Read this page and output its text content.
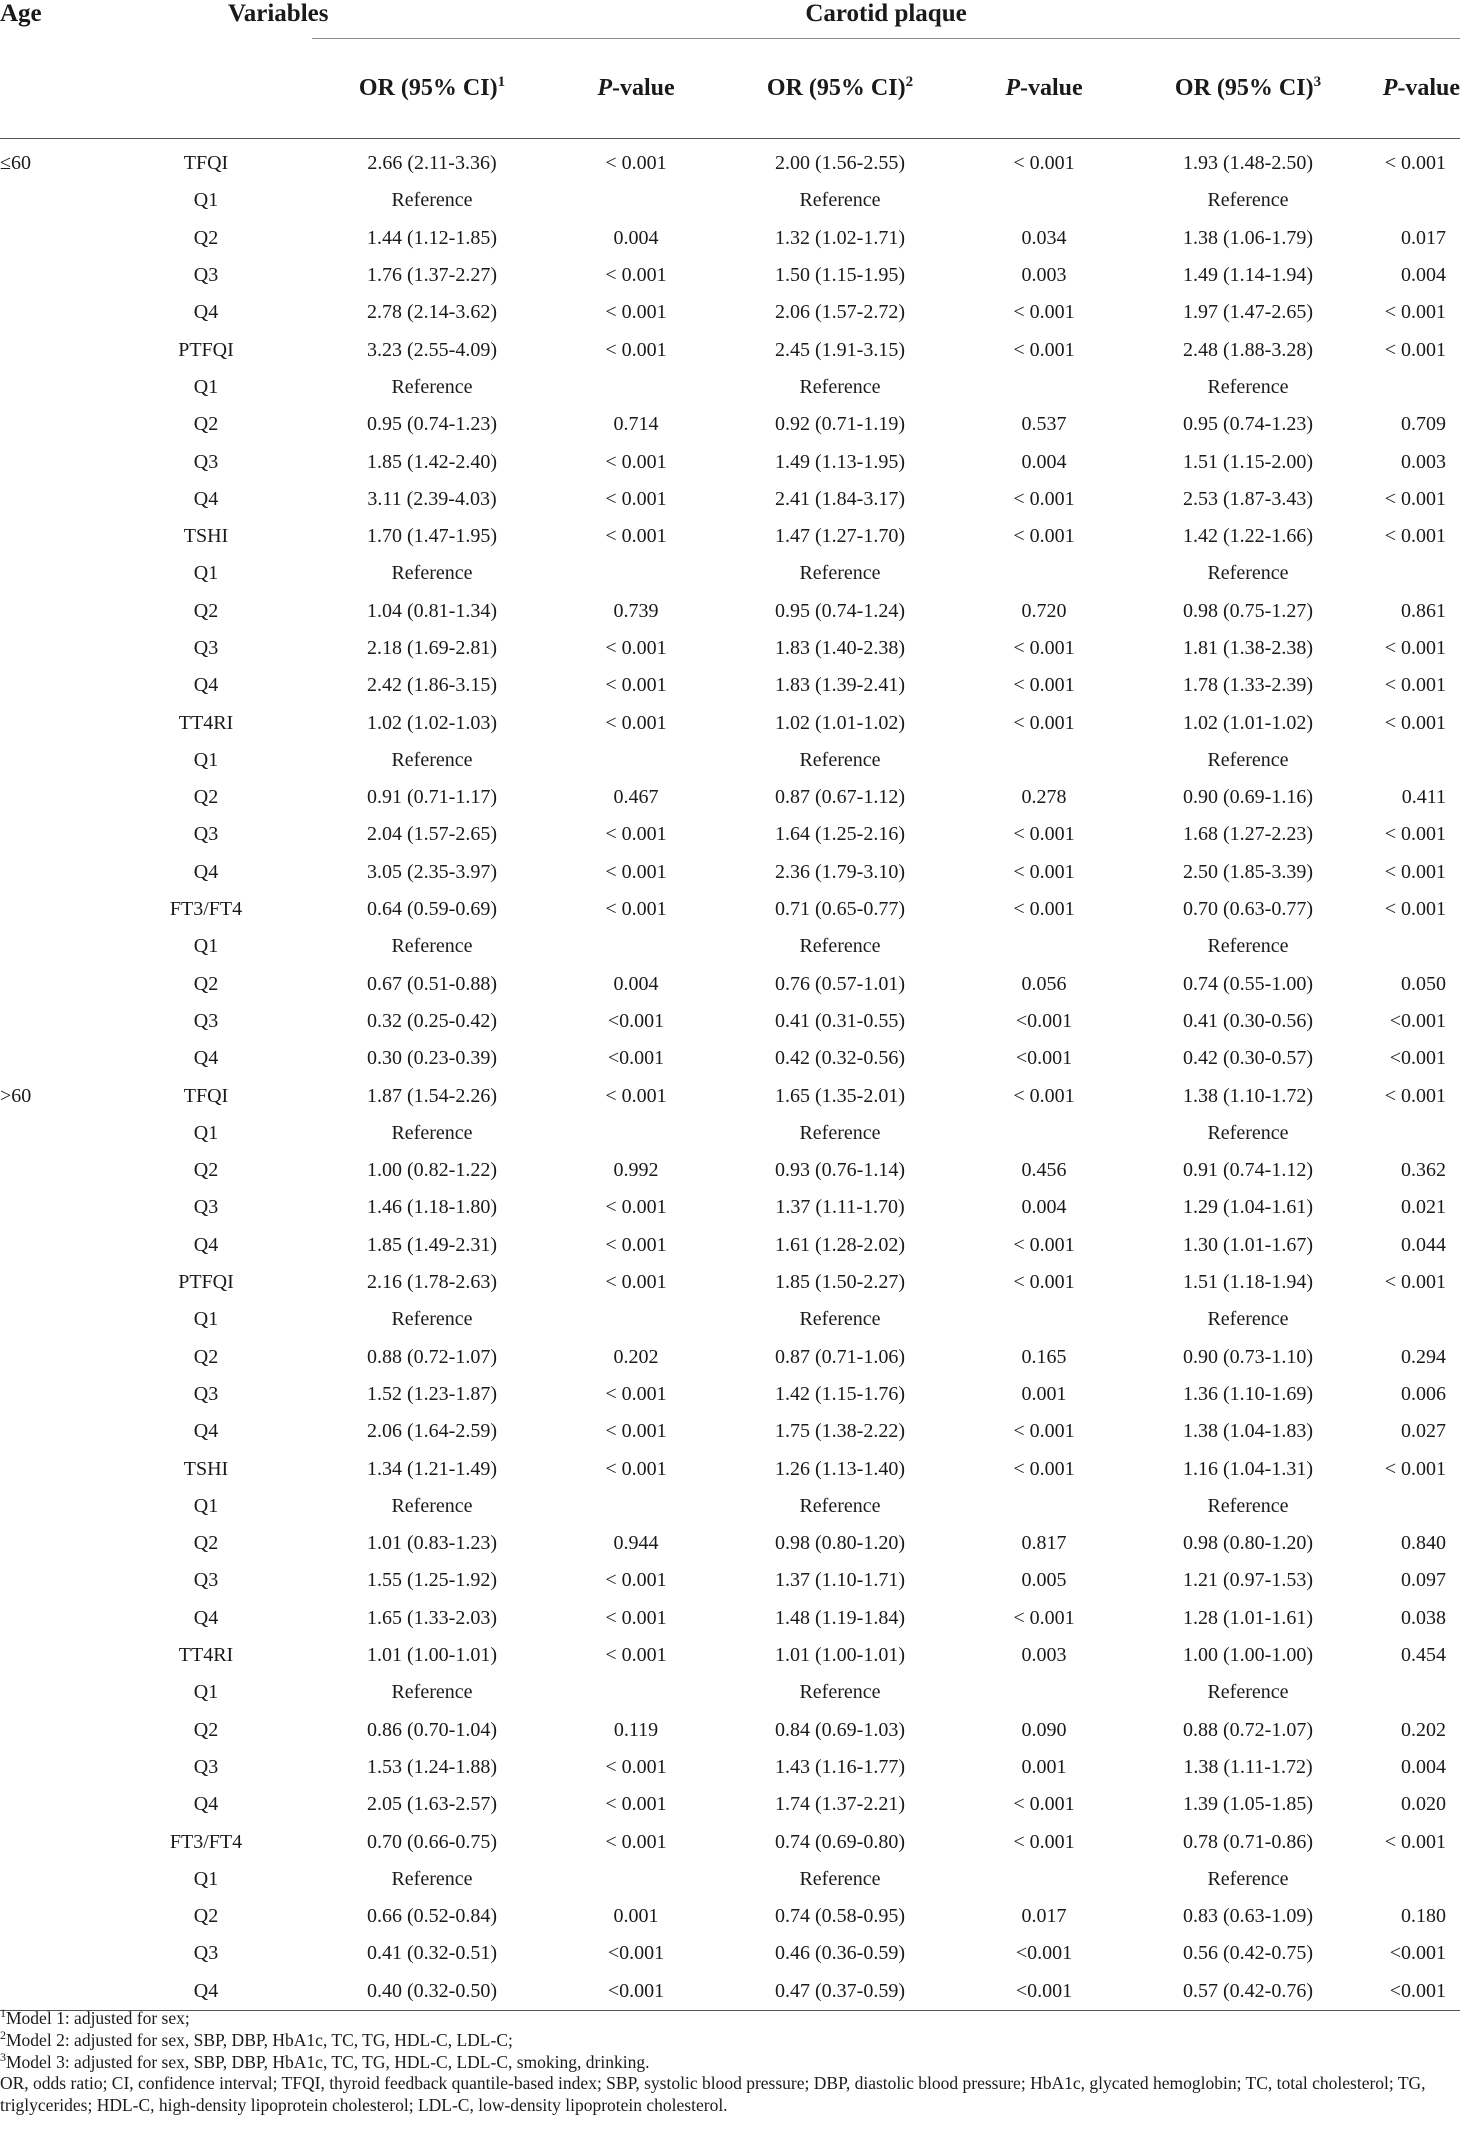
Age	Variables	Carotid plaque					
		OR (95% CI)$^1$	P-value	OR (95% CI)$^2$	P-value	OR (95% CI)$^3$	P-value
≤60	TFQI	2.66 (2.11-3.36)	< 0.001	2.00 (1.56-2.55)	< 0.001	1.93 (1.48-2.50)	< 0.001
	Q1	Reference		Reference		Reference	
	Q2	1.44 (1.12-1.85)	0.004	1.32 (1.02-1.71)	0.034	1.38 (1.06-1.79)	0.017
	Q3	1.76 (1.37-2.27)	< 0.001	1.50 (1.15-1.95)	0.003	1.49 (1.14-1.94)	0.004
	Q4	2.78 (2.14-3.62)	< 0.001	2.06 (1.57-2.72)	< 0.001	1.97 (1.47-2.65)	< 0.001
	PTFQI	3.23 (2.55-4.09)	< 0.001	2.45 (1.91-3.15)	< 0.001	2.48 (1.88-3.28)	< 0.001
	Q1	Reference		Reference		Reference	
	Q2	0.95 (0.74-1.23)	0.714	0.92 (0.71-1.19)	0.537	0.95 (0.74-1.23)	0.709
	Q3	1.85 (1.42-2.40)	< 0.001	1.49 (1.13-1.95)	0.004	1.51 (1.15-2.00)	0.003
	Q4	3.11 (2.39-4.03)	< 0.001	2.41 (1.84-3.17)	< 0.001	2.53 (1.87-3.43)	< 0.001
	TSHI	1.70 (1.47-1.95)	< 0.001	1.47 (1.27-1.70)	< 0.001	1.42 (1.22-1.66)	< 0.001
	Q1	Reference		Reference		Reference	
	Q2	1.04 (0.81-1.34)	0.739	0.95 (0.74-1.24)	0.720	0.98 (0.75-1.27)	0.861
	Q3	2.18 (1.69-2.81)	< 0.001	1.83 (1.40-2.38)	< 0.001	1.81 (1.38-2.38)	< 0.001
	Q4	2.42 (1.86-3.15)	< 0.001	1.83 (1.39-2.41)	< 0.001	1.78 (1.33-2.39)	< 0.001
	TT4RI	1.02 (1.02-1.03)	< 0.001	1.02 (1.01-1.02)	< 0.001	1.02 (1.01-1.02)	< 0.001
	Q1	Reference		Reference		Reference	
	Q2	0.91 (0.71-1.17)	0.467	0.87 (0.67-1.12)	0.278	0.90 (0.69-1.16)	0.411
	Q3	2.04 (1.57-2.65)	< 0.001	1.64 (1.25-2.16)	< 0.001	1.68 (1.27-2.23)	< 0.001
	Q4	3.05 (2.35-3.97)	< 0.001	2.36 (1.79-3.10)	< 0.001	2.50 (1.85-3.39)	< 0.001
	FT3/FT4	0.64 (0.59-0.69)	< 0.001	0.71 (0.65-0.77)	< 0.001	0.70 (0.63-0.77)	< 0.001
	Q1	Reference		Reference		Reference	
	Q2	0.67 (0.51-0.88)	0.004	0.76 (0.57-1.01)	0.056	0.74 (0.55-1.00)	0.050
	Q3	0.32 (0.25-0.42)	<0.001	0.41 (0.31-0.55)	<0.001	0.41 (0.30-0.56)	<0.001
	Q4	0.30 (0.23-0.39)	<0.001	0.42 (0.32-0.56)	<0.001	0.42 (0.30-0.57)	<0.001
>60	TFQI	1.87 (1.54-2.26)	< 0.001	1.65 (1.35-2.01)	< 0.001	1.38 (1.10-1.72)	< 0.001
	Q1	Reference		Reference		Reference	
	Q2	1.00 (0.82-1.22)	0.992	0.93 (0.76-1.14)	0.456	0.91 (0.74-1.12)	0.362
	Q3	1.46 (1.18-1.80)	< 0.001	1.37 (1.11-1.70)	0.004	1.29 (1.04-1.61)	0.021
	Q4	1.85 (1.49-2.31)	< 0.001	1.61 (1.28-2.02)	< 0.001	1.30 (1.01-1.67)	0.044
	PTFQI	2.16 (1.78-2.63)	< 0.001	1.85 (1.50-2.27)	< 0.001	1.51 (1.18-1.94)	< 0.001
	Q1	Reference		Reference		Reference	
	Q2	0.88 (0.72-1.07)	0.202	0.87 (0.71-1.06)	0.165	0.90 (0.73-1.10)	0.294
	Q3	1.52 (1.23-1.87)	< 0.001	1.42 (1.15-1.76)	0.001	1.36 (1.10-1.69)	0.006
	Q4	2.06 (1.64-2.59)	< 0.001	1.75 (1.38-2.22)	< 0.001	1.38 (1.04-1.83)	0.027
	TSHI	1.34 (1.21-1.49)	< 0.001	1.26 (1.13-1.40)	< 0.001	1.16 (1.04-1.31)	< 0.001
	Q1	Reference		Reference		Reference	
	Q2	1.01 (0.83-1.23)	0.944	0.98 (0.80-1.20)	0.817	0.98 (0.80-1.20)	0.840
	Q3	1.55 (1.25-1.92)	< 0.001	1.37 (1.10-1.71)	0.005	1.21 (0.97-1.53)	0.097
	Q4	1.65 (1.33-2.03)	< 0.001	1.48 (1.19-1.84)	< 0.001	1.28 (1.01-1.61)	0.038
	TT4RI	1.01 (1.00-1.01)	< 0.001	1.01 (1.00-1.01)	0.003	1.00 (1.00-1.00)	0.454
	Q1	Reference		Reference		Reference	
	Q2	0.86 (0.70-1.04)	0.119	0.84 (0.69-1.03)	0.090	0.88 (0.72-1.07)	0.202
	Q3	1.53 (1.24-1.88)	< 0.001	1.43 (1.16-1.77)	0.001	1.38 (1.11-1.72)	0.004
	Q4	2.05 (1.63-2.57)	< 0.001	1.74 (1.37-2.21)	< 0.001	1.39 (1.05-1.85)	0.020
	FT3/FT4	0.70 (0.66-0.75)	< 0.001	0.74 (0.69-0.80)	< 0.001	0.78 (0.71-0.86)	< 0.001
	Q1	Reference		Reference		Reference	
	Q2	0.66 (0.52-0.84)	0.001	0.74 (0.58-0.95)	0.017	0.83 (0.63-1.09)	0.180
	Q3	0.41 (0.32-0.51)	<0.001	0.46 (0.36-0.59)	<0.001	0.56 (0.42-0.75)	<0.001
	Q4	0.40 (0.32-0.50)	<0.001	0.47 (0.37-0.59)	<0.001	0.57 (0.42-0.76)	<0.001
$^1$Model 1: adjusted for sex;
$^2$Model 2: adjusted for sex, SBP, DBP, HbA1c, TC, TG, HDL-C, LDL-C;
$^3$Model 3: adjusted for sex, SBP, DBP, HbA1c, TC, TG, HDL-C, LDL-C, smoking, drinking.
OR, odds ratio; CI, confidence interval; TFQI, thyroid feedback quantile-based index; SBP, systolic blood pressure; DBP, diastolic blood pressure; HbA1c, glycated hemoglobin; TC, total cholesterol; TG, triglycerides; HDL-C, high-density lipoprotein cholesterol; LDL-C, low-density lipoprotein cholesterol.
